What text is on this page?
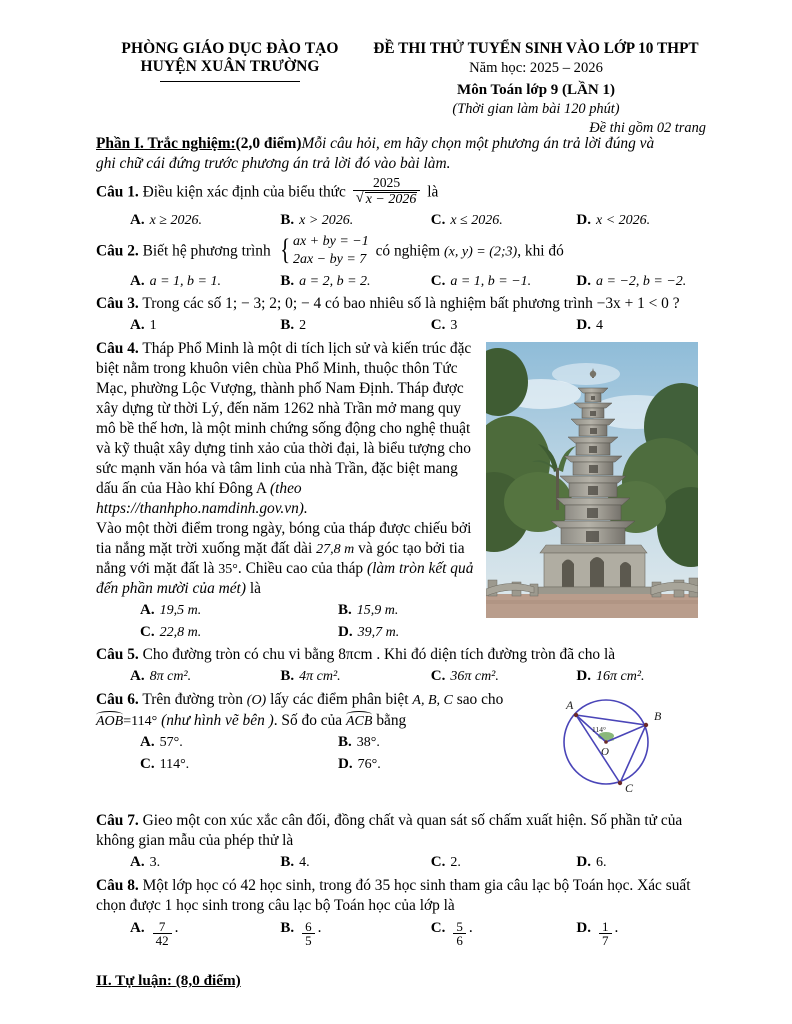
PHÒNG GIÁO DỤC ĐÀO TẠO
HUYỆN XUÂN TRƯỜNG
ĐỀ THI THỬ TUYỂN SINH VÀO LỚP 10 THPT
Năm học: 2025 – 2026
Môn Toán lớp 9 (LẦN 1)
(Thời gian làm bài 120 phút)
Đề thi gồm 02 trang
Phần I. Trắc nghiệm:(2,0 điểm)Mỗi câu hỏi, em hãy chọn một phương án trả lời đúng và
ghi chữ cái đứng trước phương án trả lời đó vào bài làm.
Câu 1. Điều kiện xác định của biểu thức 2025
√ x − 2026 là
A. x ≥ 2026.	B. x > 2026.	C. x ≤ 2026.	D. x < 2026.
Câu 2. Biết hệ phương trình { ax + by = −1
2ax − by = 7 có nghiệm (x, y) = (2;3), khi đó
A. a = 1, b = 1.	B. a = 2, b = 2.	C. a = 1, b = −1.	D. a = −2, b = −2.
Câu 3. Trong các số 1; − 3; 2; 0; − 4 có bao nhiêu số là nghiệm bất phương trình −3x + 1 < 0 ?
A. 1	B. 2	C. 3	D. 4
Câu 4. Tháp Phổ Minh là một di tích lịch sử và kiến trúc đặc biệt nằm trong khuôn viên chùa Phổ Minh, thuộc thôn Tức Mạc, phường Lộc Vượng, thành phố Nam Định. Tháp được xây dựng từ thời Lý, đến năm 1262 nhà Trần mở mang quy mô bề thế hơn, là một minh chứng sống động cho nghệ thuật và kỹ thuật xây dựng tinh xảo của thời đại, là biểu tượng cho sức mạnh văn hóa và tâm linh của nhà Trần, đặc biệt mang dấu ấn của Hào khí Đông A (theo https://thanhpho.namdinh.gov.vn).
Vào một thời điểm trong ngày, bóng của tháp được chiếu bởi tia nắng mặt trời xuống mặt đất dài 27,8 m và góc tạo bởi tia nắng với mặt đất là 35°. Chiều cao của tháp (làm tròn kết quả đến phần mười của mét) là
A. 19,5 m.	B. 15,9 m.
C. 22,8 m.	D. 39,7 m.
Câu 5. Cho đường tròn có chu vi bằng 8πcm . Khi đó diện tích đường tròn đã cho là
A. 8π cm².	B. 4π cm².	C. 36π cm².	D. 16π cm².
A
B
C
O
114°
Câu 6. Trên đường tròn (O) lấy các điểm phân biệt A, B, C sao cho
AOB=114° (như hình vẽ bên ). Số đo của ACB bằng
A. 57°.	B. 38°.
C. 114°.	D. 76°.
Câu 7. Gieo một con xúc xắc cân đối, đồng chất và quan sát số chấm xuất hiện. Số phần tử của không gian mẫu của phép thử là
A. 3.	B. 4.	C. 2.	D. 6.
Câu 8. Một lớp học có 42 học sinh, trong đó 35 học sinh tham gia câu lạc bộ Toán học. Xác suất chọn được 1 học sinh trong câu lạc bộ Toán học của lớp là
A. $\frac{7}{42}$ .	B. $\frac{6}{5}$ .	C. $\frac{5}{6}$ .	D. $\frac{1}{7}$ .
II. Tự luận: (8,0 điểm)
